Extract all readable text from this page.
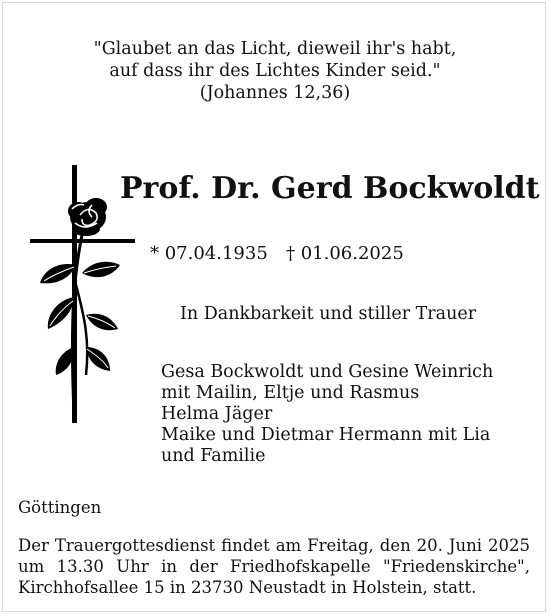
"Glaubet an das Licht, dieweil ihr's habt,
auf dass ihr des Lichtes Kinder seid."
(Johannes 12,36)
Prof. Dr. Gerd Bockwoldt
* 07.04.1935 † 01.06.2025
In Dankbarkeit und stiller Trauer
Gesa Bockwoldt und Gesine Weinrich
mit Mailin, Eltje und Rasmus
Helma Jäger
Maike und Dietmar Hermann mit Lia
und Familie
Göttingen
Der Trauergottesdienst findet am Freitag, den 20. Juni 2025
um 13.30 Uhr in der Friedhofskapelle "Friedenskirche",
Kirchhofsallee 15 in 23730 Neustadt in Holstein, statt.
